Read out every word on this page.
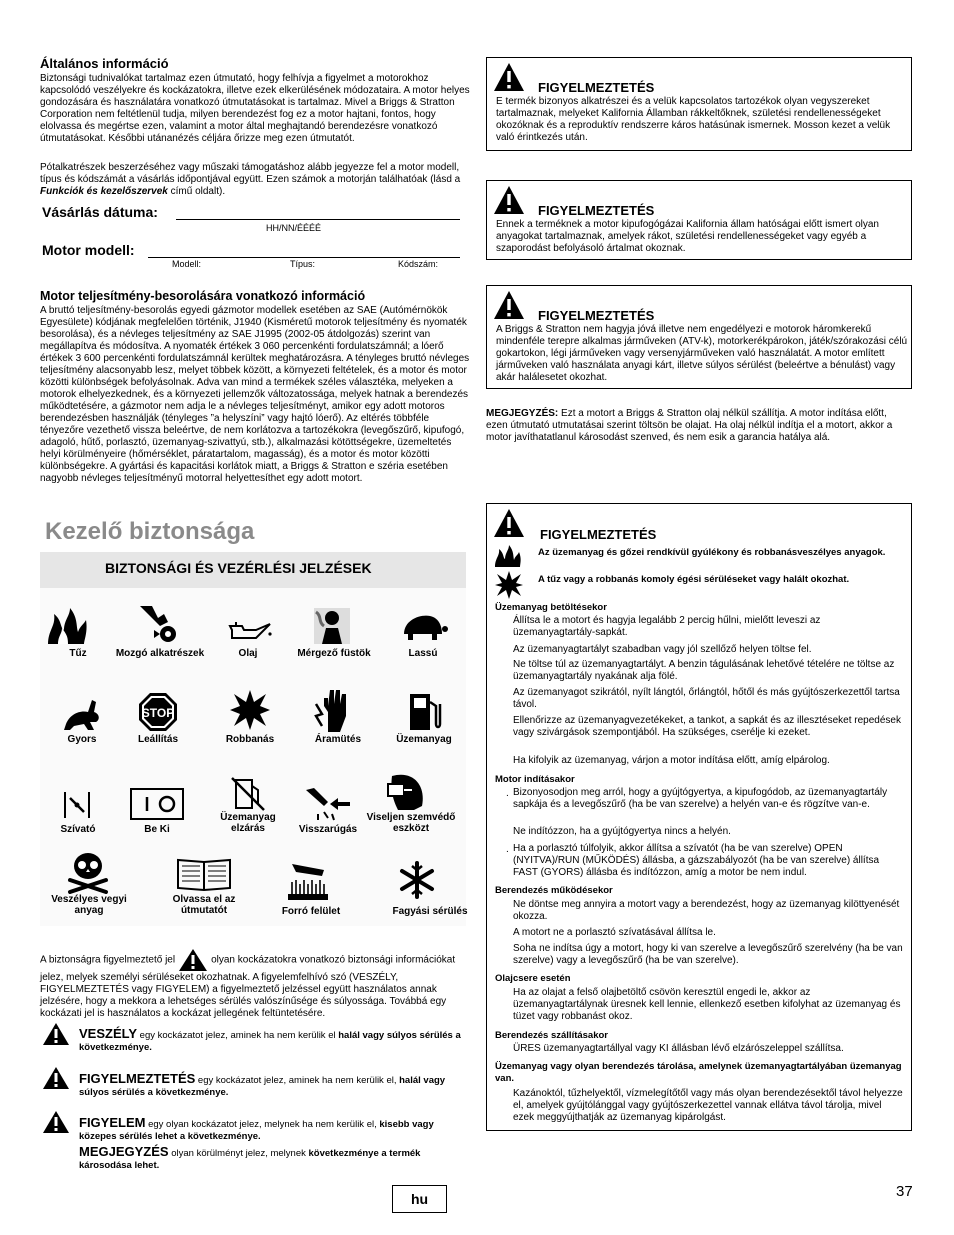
Általános információ

Biztonsági tudnivalókat tartalmaz ezen útmutató, hogy felhívja a figyelmet a motorokhoz kapcsolódó veszélyekre és kockázatokra, illetve ezek elkerülésének módozataira. A motor helyes gondozására és használatára vonatkozó útmutatásokat is tartalmaz. Mivel a Briggs & Stratton Corporation nem feltétlenül tudja, milyen berendezést fog ez a motor hajtani, fontos, hogy elolvassa és megértse ezen, valamint a motor által meghajtandó berendezésre vonatkozó útmutatásokat. Későbbi utánanézés céljára őrizze meg ezen útmutatót.

Pótalkatrészek beszerzéséhez vagy műszaki támogatáshoz alább jegyezze fel a motor modell, típus és kódszámát a vásárlás időpontjával együtt. Ezen számok a motorján találhatóak (lásd a Funkciók és kezelőszervek című oldalt).

Vásárlás dátuma:
HH/NN/ÉÉÉÉ
Motor modell:
Modell:	Típus:	Kódszám:
Motor teljesítmény-besorolására vonatkozó információ

A bruttó teljesítmény-besorolás egyedi gázmotor modellek esetében az SAE (Autómérnökök Egyesülete) kódjának megfelelően történik, J1940 (Kisméretű motorok teljesítmény és nyomaték besorolása), és a névleges teljesítmény az SAE J1995 (2002-05 átdolgozás) szerint van megállapítva és módosítva. A nyomaték értékek 3 060 percenkénti fordulatszámnál; a lóerő értékek 3 600 percenkénti fordulatszámnál kerültek meghatározásra. A tényleges bruttó névleges teljesítmény alacsonyabb lesz, melyet többek között, a környezeti feltételek, és a motor és motor közötti különbségek befolyásolnak. Adva van mind a termékek széles választéka, melyeken a motorok elhelyezkednek, és a környezeti jellemzők változatossága, melyek hatnak a berendezés működtetésére, a gázmotor nem adja le a névleges teljesítményt, amikor egy adott motoros berendezésben használják (tényleges ”a helyszíni” vagy hajtó lóerő). Az eltérés többféle tényezőre vezethető vissza beleértve, de nem korlátozva a tartozékokra (levegőszűrő, kipufogó, adagoló, hűtő, porlasztó, üzemanyag-szivattyú, stb.), alkalmazási kötöttségekre, üzemeltetés helyi körülményeire (hőmérséklet, páratartalom, magasság), és a motor és motor közötti különbségekre. A gyártási és kapacitási korlátok miatt, a Briggs & Stratton e széria esetében nagyobb névleges teljesítményű motorral helyettesíthet egy adott motort.

Kezelő biztonsága
BIZTONSÁGI ÉS VEZÉRLÉSI JELZÉSEK
Tűz	Mozgó alkatrészek	Olaj	Mérgező füstök	Lassú
Gyors
STOP
Leállítás	Robbanás	Áramütés	Üzemanyag
Szívató	Be Ki
Üzemanyag elzárás	Visszarúgás
Viseljen szemvédő eszközt
Veszélyes vegyi anyag
Olvassa el az útmutatót	Forró felület	Fagyási sérülés

A biztonságra figyelmeztető jel	olyan kockázatokra vonatkozó biztonsági információkat jelez, melyek személyi sérüléseket okozhatnak. A figyelemfelhívó szó (VESZÉLY, FIGYELMEZTETÉS vagy FIGYELEM) a figyelmeztető jelzéssel együtt használatos annak jelzésére, hogy a mekkora a lehetséges sérülés valószínűsége és súlyossága. Továbbá egy kockázati jel is használatos a kockázat jellegének feltüntetésére.

VESZÉLY egy kockázatot jelez, aminek ha nem kerülik el halál vagy súlyos sérülés a következménye.

FIGYELMEZTETÉS egy kockázatot jelez, aminek ha nem kerülik el, halál vagy súlyos sérülés a következménye.

FIGYELEM egy olyan kockázatot jelez, melynek ha nem kerülik el, kisebb vagy közepes sérülés lehet a következménye.

MEGJEGYZÉS olyan körülményt jelez, melynek következménye a termék károsodása lehet.

FIGYELMEZTETÉS

E termék bizonyos alkatrészei és a velük kapcsolatos tartozékok olyan vegyszereket tartalmaznak, melyeket Kalifornia Államban rákkeltőknek, születési rendellenességeket okozóknak és a reproduktív rendszerre káros hatásúnak ismernek. Mosson kezet a velük való érintkezés után.

FIGYELMEZTETÉS

Ennek a terméknek a motor kipufogógázai Kalifornia állam hatóságai előtt ismert olyan anyagokat tartalmaznak, amelyek rákot, születési rendellenességeket vagy egyéb a szaporodást befolyásoló ártalmat okoznak.

FIGYELMEZTETÉS

A Briggs & Stratton nem hagyja jóvá illetve nem engedélyezi e motorok háromkerekű mindenféle terepre alkalmas járműveken (ATV-k), motorkerékpárokon, játék/szórakozási célú gokartokon, légi járműveken vagy versenyjárműveken való használatát. A motor említett járműveken való használata anyagi kárt, illetve súlyos sérülést (beleértve a bénulást) vagy akár halálesetet okozhat.

MEGJEGYZÉS: Ezt a motort a Briggs & Stratton olaj nélkül szállítja. A motor indítása előtt, ezen útmutató utmutatásai szerint töltsön be olajat. Ha olaj nélkül indítja el a motort, akkor a motor javíthatatlanul károsodást szenved, és nem esik a garancia hatálya alá.

FIGYELMEZTETÉS
Az üzemanyag és gőzei rendkívül gyúlékony és robbanásveszélyes anyagok.
A tűz vagy a robbanás komoly égési sérüléseket vagy halált okozhat.
Üzemanyag betöltésekor
Állítsa le a motort és hagyja legalább 2 percig hűlni, mielőtt leveszi az üzemanyagtartály-sapkát.
Az üzemanyagtartályt szabadban vagy jól szellőző helyen töltse fel.
Ne töltse túl az üzemanyagtartályt. A benzin tágulásának lehetővé tételére ne töltse az üzemanyagtartály nyakának alja fölé.
Az üzemanyagot szikrától, nyílt lángtól, őrlángtól, hőtől és más gyújtószerkezettől tartsa távol.
Ellenőrizze az üzemanyagvezetékeket, a tankot, a sapkát és az illesztéseket repedések vagy szivárgások szempontjából. Ha szükséges, cserélje ki ezeket.
Ha kifolyik az üzemanyag, várjon a motor indítása előtt, amíg elpárolog.
Motor indításakor
. Bizonyosodjon meg arról, hogy a gyújtógyertya, a kipufogódob, az üzemanyagtartály sapkája és a levegőszűrő (ha be van szerelve) a helyén van-e és rögzítve van-e.
Ne indítózzon, ha a gyújtógyertya nincs a helyén.
. Ha a porlasztó túlfolyik, akkor állítsa a szívatót (ha be van szerelve) OPEN (NYITVA)/RUN (MŰKÖDÉS) állásba, a gázszabályozót (ha be van szerelve) állítsa FAST (GYORS) állásba és indítózzon, amíg a motor be nem indul.
Berendezés működésekor
Ne döntse meg annyira a motort vagy a berendezést, hogy az üzemanyag kilöttyenését okozza.
A motort ne a porlasztó szívatásával állítsa le.
Soha ne indítsa úgy a motort, hogy ki van szerelve a levegőszűrő szerelvény (ha be van szerelve) vagy a levegőszűrő (ha be van szerelve).
Olajcsere esetén
Ha az olajat a felső olajbetöltő csövön keresztül engedi le, akkor az üzemanyagtartálynak üresnek kell lennie, ellenkező esetben kifolyhat az üzemanyag és tüzet vagy robbanást okoz.
Berendezés szállításakor
ÜRES üzemanyagtartállyal vagy KI állásban lévő elzárószeleppel szállítsa.
Üzemanyag vagy olyan berendezés tárolása, amelynek üzemanyagtartályában üzemanyag van.
Kazánoktól, tűzhelyektől, vízmelegítőtől vagy más olyan berendezésektől távol helyezze el, amelyek gyújtólánggal vagy gyújtószerkezettel vannak ellátva távol tárolja, mivel ezek meggyújthatják az üzemanyag kipárolgást.
hu	37
